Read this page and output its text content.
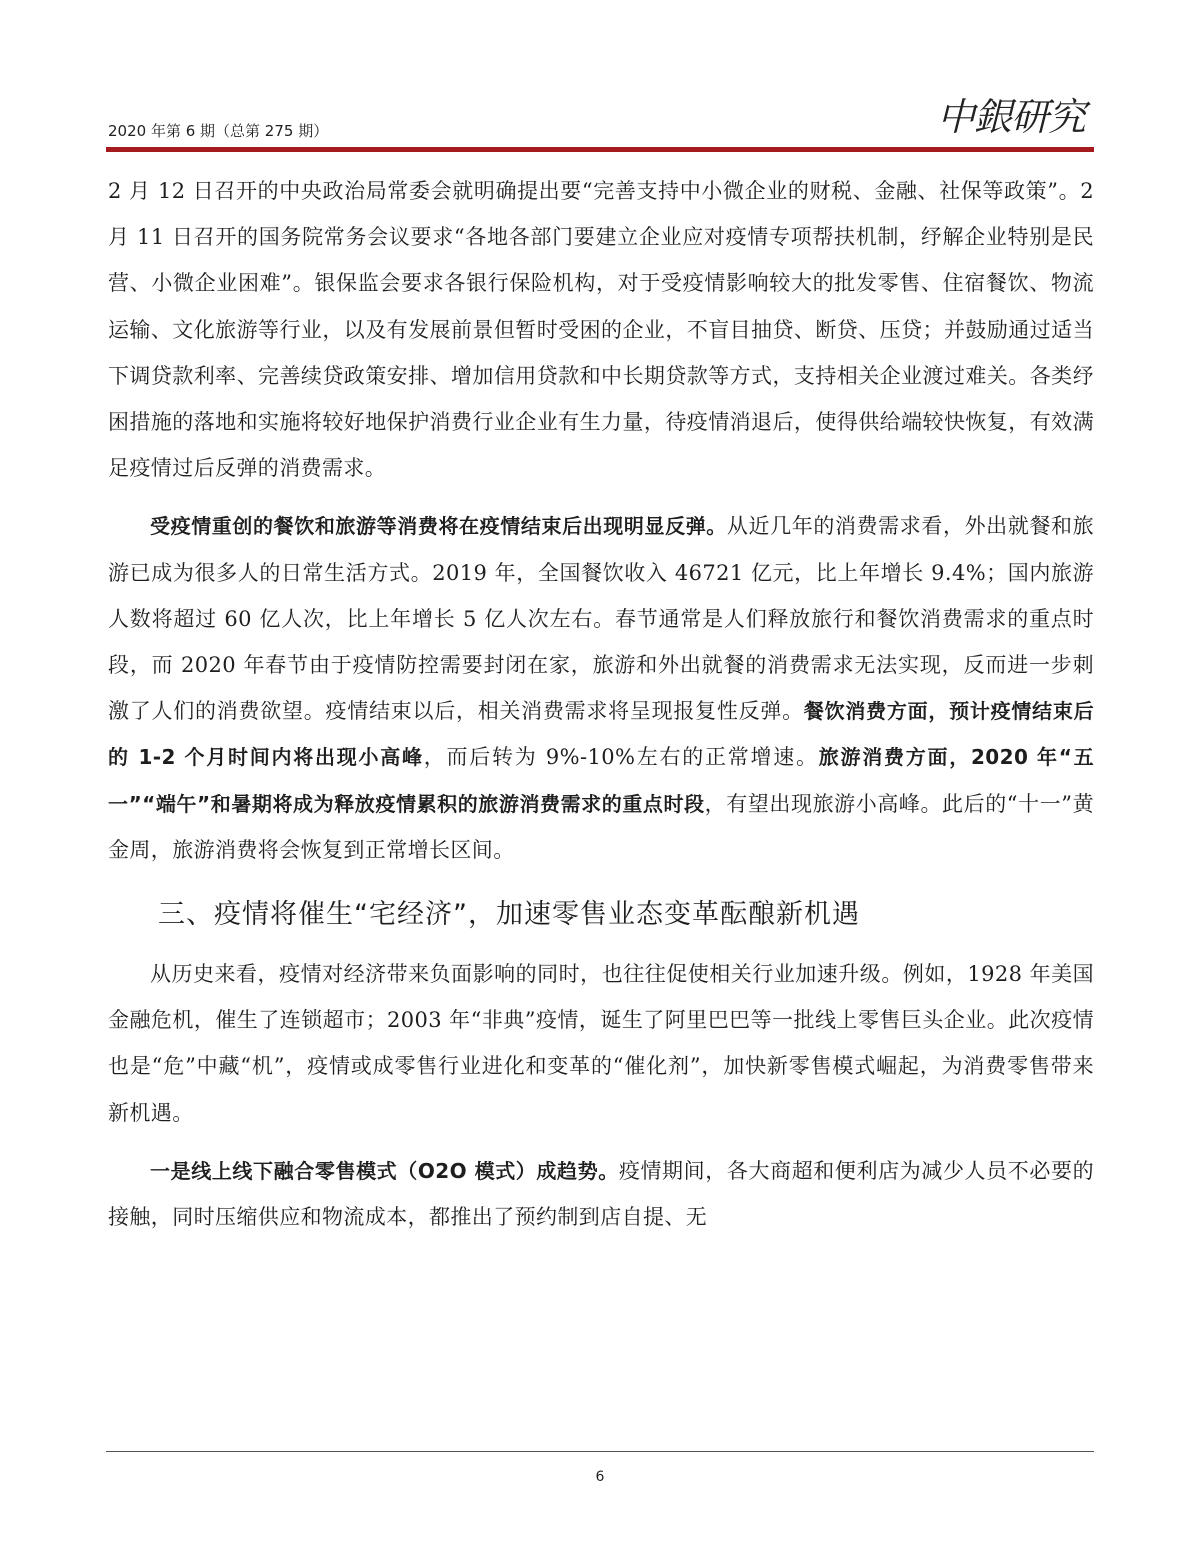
2020 年第 6 期（总第 275 期）	中銀研究

2 月 12 日召开的中央政治局常委会就明确提出要“完善支持中小微企业的财税、金融、社保等政策”。2 月 11 日召开的国务院常务会议要求“各地各部门要建立企业应对疫情专项帮扶机制，纾解企业特别是民营、小微企业困难”。银保监会要求各银行保险机构，对于受疫情影响较大的批发零售、住宿餐饮、物流运输、文化旅游等行业，以及有发展前景但暂时受困的企业，不盲目抽贷、断贷、压贷；并鼓励通过适当下调贷款利率、完善续贷政策安排、增加信用贷款和中长期贷款等方式，支持相关企业渡过难关。各类纾困措施的落地和实施将较好地保护消费行业企业有生力量，待疫情消退后，使得供给端较快恢复，有效满足疫情过后反弹的消费需求。

受疫情重创的餐饮和旅游等消费将在疫情结束后出现明显反弹。从近几年的消费需求看，外出就餐和旅游已成为很多人的日常生活方式。2019 年，全国餐饮收入 46721 亿元，比上年增长 9.4%；国内旅游人数将超过 60 亿人次，比上年增长 5 亿人次左右。春节通常是人们释放旅行和餐饮消费需求的重点时段，而 2020 年春节由于疫情防控需要封闭在家，旅游和外出就餐的消费需求无法实现，反而进一步刺激了人们的消费欲望。疫情结束以后，相关消费需求将呈现报复性反弹。餐饮消费方面，预计疫情结束后的 1-2 个月时间内将出现小高峰，而后转为 9%-10%左右的正常增速。旅游消费方面，2020 年“五一”“端午”和暑期将成为释放疫情累积的旅游消费需求的重点时段，有望出现旅游小高峰。此后的“十一”黄金周，旅游消费将会恢复到正常增长区间。

三、疫情将催生“宅经济”，加速零售业态变革酝酿新机遇

从历史来看，疫情对经济带来负面影响的同时，也往往促使相关行业加速升级。例如，1928 年美国金融危机，催生了连锁超市；2003 年“非典”疫情，诞生了阿里巴巴等一批线上零售巨头企业。此次疫情也是“危”中藏“机”，疫情或成零售行业进化和变革的“催化剂”，加快新零售模式崛起，为消费零售带来新机遇。

一是线上线下融合零售模式（O2O 模式）成趋势。疫情期间，各大商超和便利店为减少人员不必要的接触，同时压缩供应和物流成本，都推出了预约制到店自提、无

6
